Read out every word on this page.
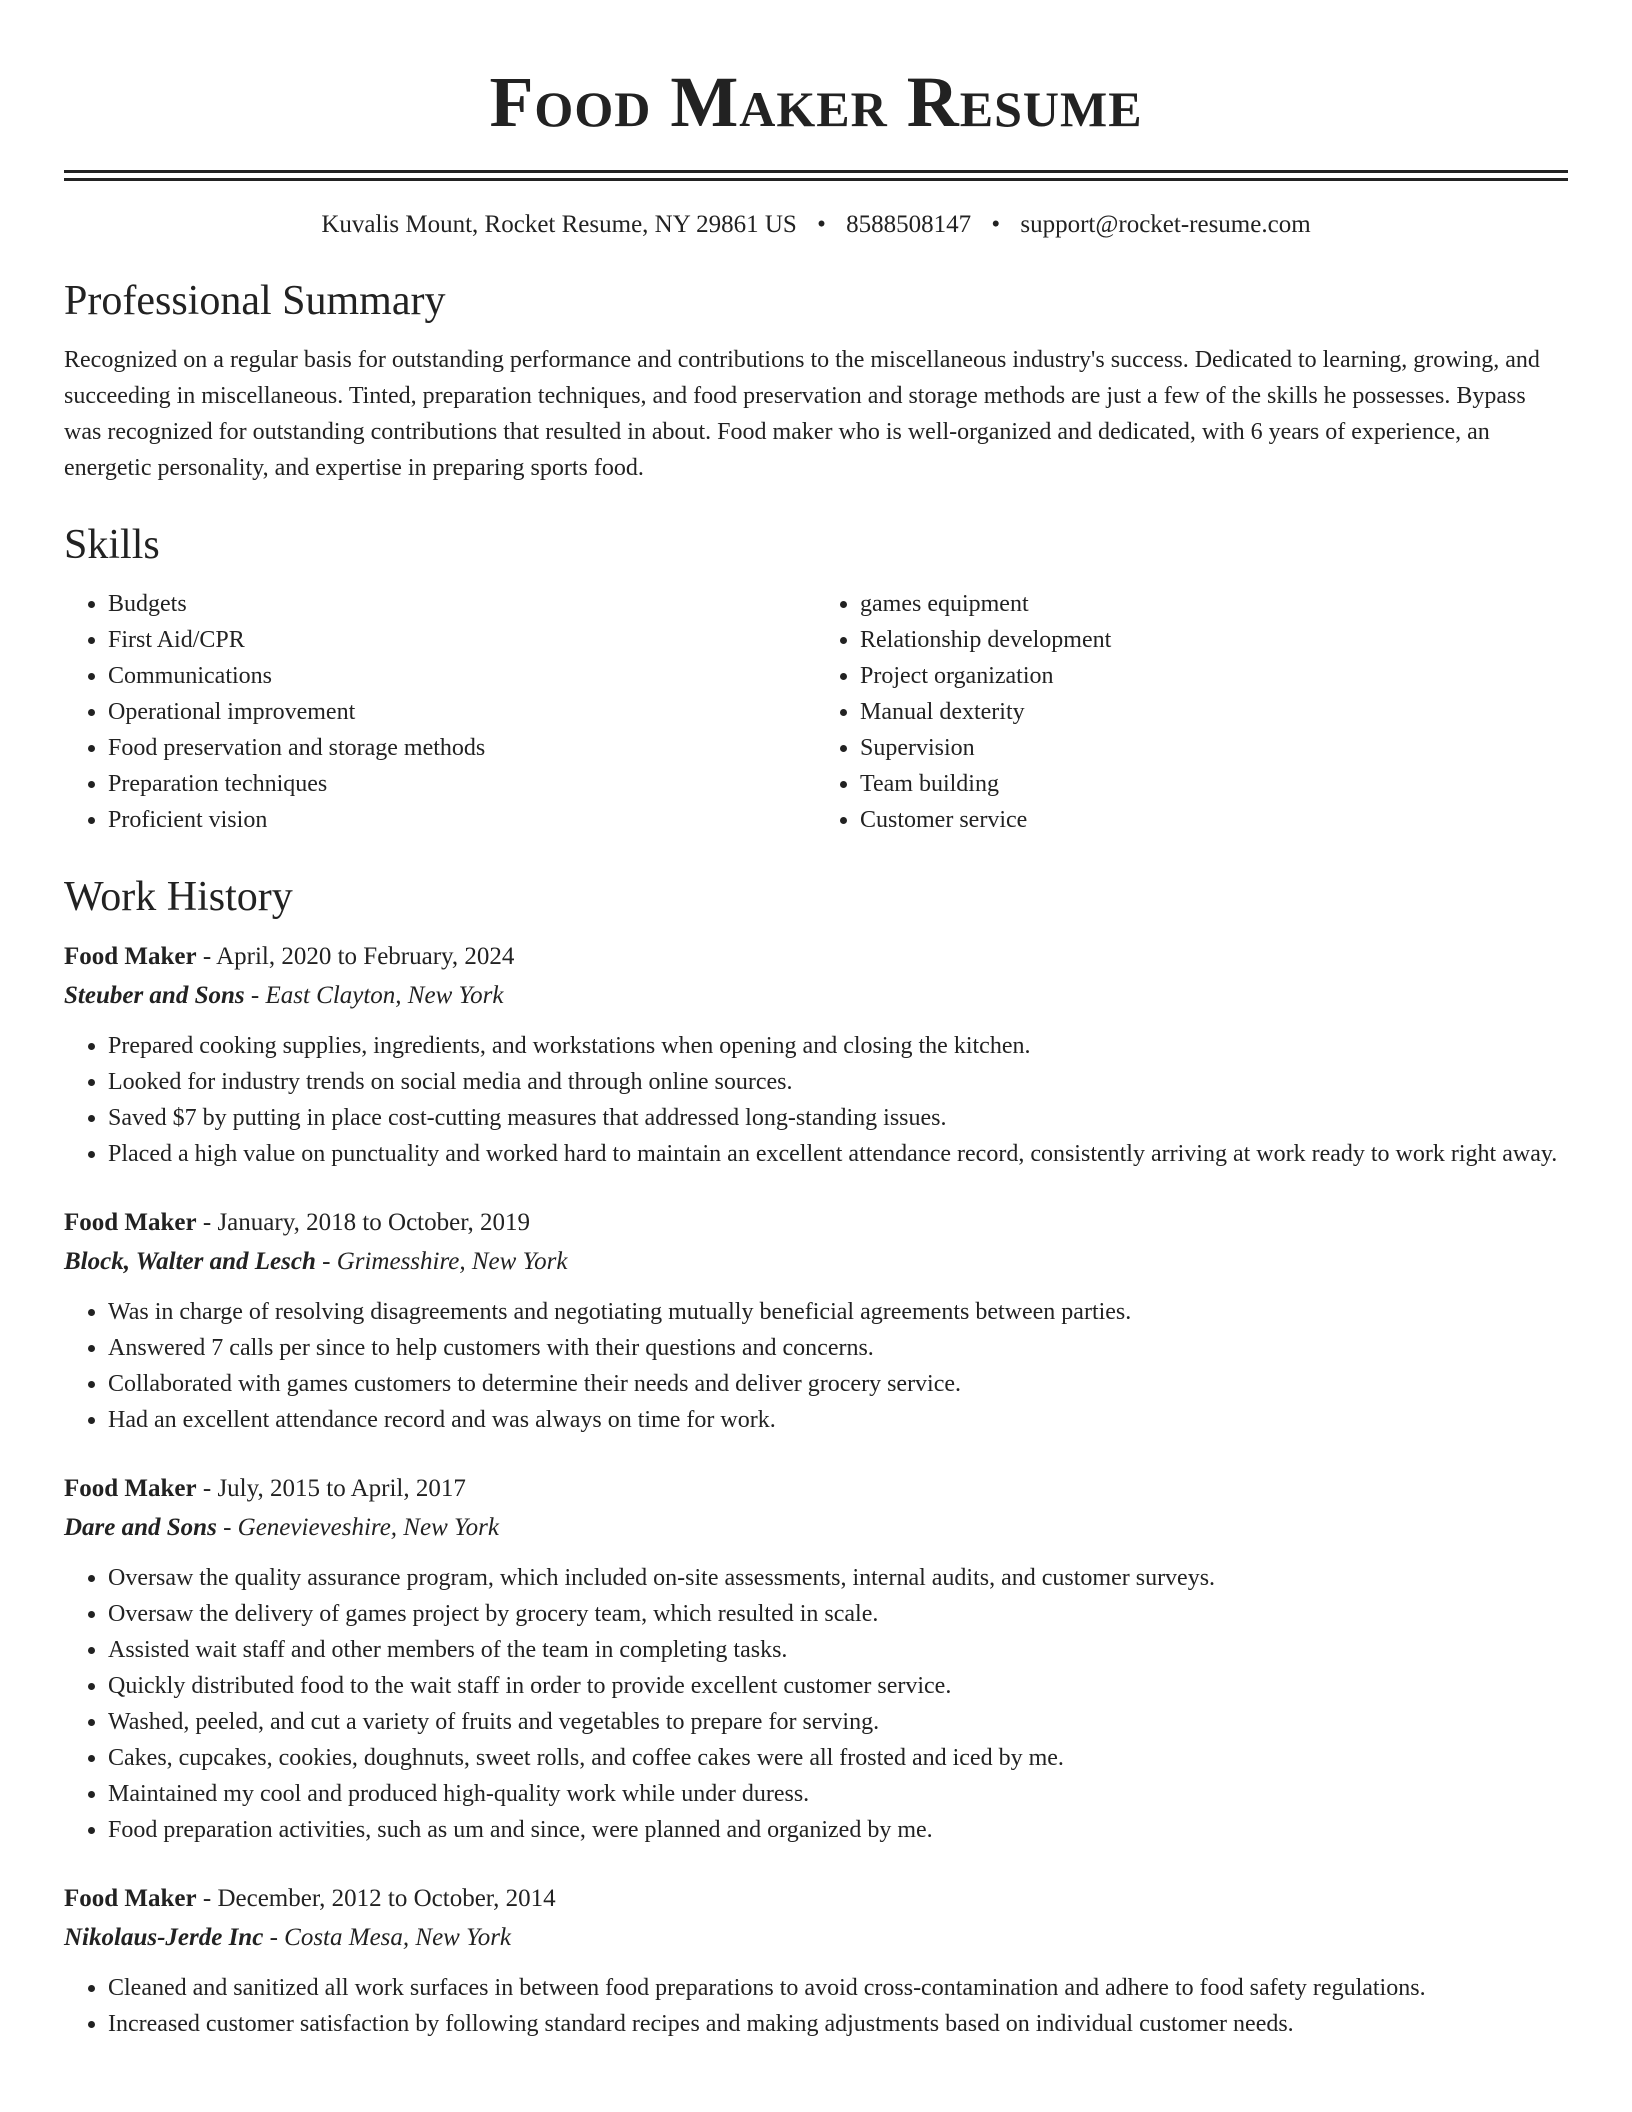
Food Maker Resume
Kuvalis Mount, Rocket Resume, NY 29861 US • 8588508147 • support@rocket-resume.com
Professional Summary

Recognized on a regular basis for outstanding performance and contributions to the miscellaneous industry's success. Dedicated to learning, growing, and succeeding in miscellaneous. Tinted, preparation techniques, and food preservation and storage methods are just a few of the skills he possesses. Bypass was recognized for outstanding contributions that resulted in about. Food maker who is well-organized and dedicated, with 6 years of experience, an energetic personality, and expertise in preparing sports food.

Skills
• Budgets
• First Aid/CPR
• Communications
• Operational improvement
• Food preservation and storage methods
• Preparation techniques
• Proficient vision
• games equipment
• Relationship development
• Project organization
• Manual dexterity
• Supervision
• Team building
• Customer service
Work History
Food Maker - April, 2020 to February, 2024
Steuber and Sons - East Clayton, New York
• Prepared cooking supplies, ingredients, and workstations when opening and closing the kitchen.
• Looked for industry trends on social media and through online sources.
• Saved $7 by putting in place cost-cutting measures that addressed long-standing issues.
• Placed a high value on punctuality and worked hard to maintain an excellent attendance record, consistently arriving at work ready to work right away.
Food Maker - January, 2018 to October, 2019
Block, Walter and Lesch - Grimesshire, New York
• Was in charge of resolving disagreements and negotiating mutually beneficial agreements between parties.
• Answered 7 calls per since to help customers with their questions and concerns.
• Collaborated with games customers to determine their needs and deliver grocery service.
• Had an excellent attendance record and was always on time for work.
Food Maker - July, 2015 to April, 2017
Dare and Sons - Genevieveshire, New York
• Oversaw the quality assurance program, which included on-site assessments, internal audits, and customer surveys.
• Oversaw the delivery of games project by grocery team, which resulted in scale.
• Assisted wait staff and other members of the team in completing tasks.
• Quickly distributed food to the wait staff in order to provide excellent customer service.
• Washed, peeled, and cut a variety of fruits and vegetables to prepare for serving.
• Cakes, cupcakes, cookies, doughnuts, sweet rolls, and coffee cakes were all frosted and iced by me.
• Maintained my cool and produced high-quality work while under duress.
• Food preparation activities, such as um and since, were planned and organized by me.
Food Maker - December, 2012 to October, 2014
Nikolaus-Jerde Inc - Costa Mesa, New York
• Cleaned and sanitized all work surfaces in between food preparations to avoid cross-contamination and adhere to food safety regulations.
• Increased customer satisfaction by following standard recipes and making adjustments based on individual customer needs.
